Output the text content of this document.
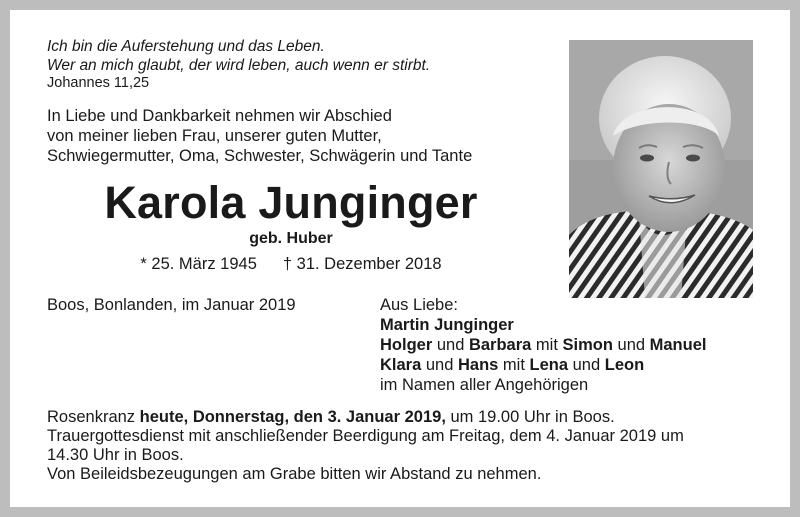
Ich bin die Auferstehung und das Leben.
Wer an mich glaubt, der wird leben, auch wenn er stirbt.
Johannes 11,25
In Liebe und Dankbarkeit nehmen wir Abschied
von meiner lieben Frau, unserer guten Mutter,
Schwiegermutter, Oma, Schwester, Schwägerin und Tante
Karola Junginger
geb. Huber
* 25. März 1945 † 31. Dezember 2018
Boos, Bonlanden, im Januar 2019	Aus Liebe:
Martin Junginger
Holger und Barbara mit Simon und Manuel
Klara und Hans mit Lena und Leon
im Namen aller Angehörigen
Rosenkranz heute, Donnerstag, den 3. Januar 2019, um 19.00 Uhr in Boos.
Trauergottesdienst mit anschließender Beerdigung am Freitag, dem 4. Januar 2019 um
14.30 Uhr in Boos.
Von Beileidsbezeugungen am Grabe bitten wir Abstand zu nehmen.
